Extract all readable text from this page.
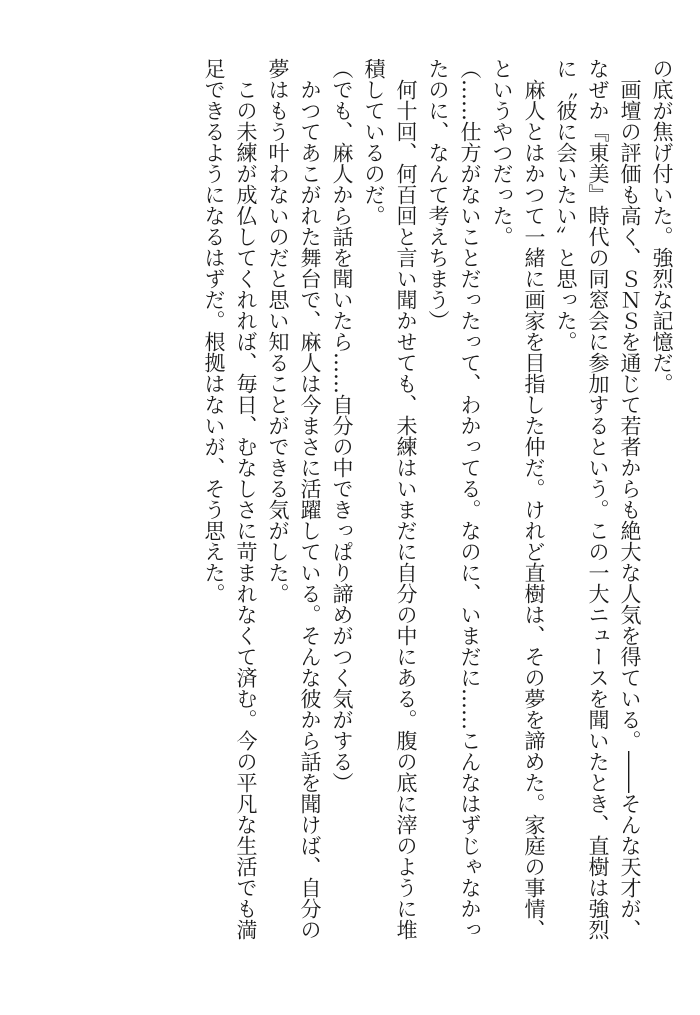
の底が焦げ付いた。強烈な記憶だ。

画壇の評価も高く、ＳＮＳを通じて若者からも絶大な人気を得ている。――そんな天才が、

なぜか『東美』時代の同窓会に参加するという。この一大ニュースを聞いたとき、直樹は強烈

に〝彼に会いたい〟と思った。

麻人とはかつて一緒に画家を目指した仲だ。けれど直樹は、その夢を諦めた。家庭の事情、

というやつだった。

（……仕方がないことだったって、わかってる。なのに、いまだに……こんなはずじゃなかっ

たのに、なんて考えちまう）

何十回、何百回と言い聞かせても、未練はいまだに自分の中にある。腹の底に滓のように堆

積しているのだ。

（でも、麻人から話を聞いたら……自分の中できっぱり諦めがつく気がする）

かつてあこがれた舞台で、麻人は今まさに活躍している。そんな彼から話を聞けば、自分の

夢はもう叶わないのだと思い知ることができる気がした。

この未練が成仏してくれれば、毎日、むなしさに苛まれなくて済む。今の平凡な生活でも満

足できるようになるはずだ。根拠はないが、そう思えた。
